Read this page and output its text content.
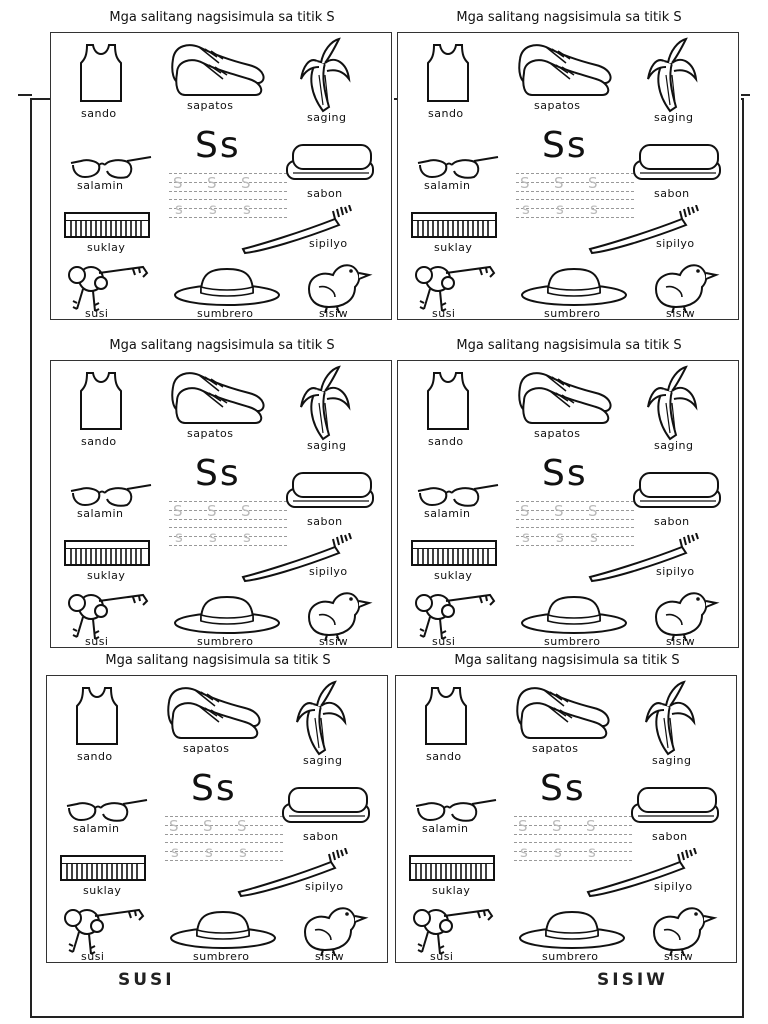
Mga salitang nagsisimula sa titik S
sando
sapatos
saging
Ss
salamin	S S S
s s s
sabon
suklay	sipilyo
susi	sumbrero	sisiw
Mga salitang nagsisimula sa titik S
sando
sapatos
saging
Ss
salamin	S S S
s s s
sabon
suklay	sipilyo
susi	sumbrero	sisiw
Mga salitang nagsisimula sa titik S
sando
sapatos
saging
Ss
salamin	S S S
s s s
sabon
suklay	sipilyo
susi	sumbrero	sisiw
Mga salitang nagsisimula sa titik S
sando
sapatos
saging
Ss
salamin	S S S
s s s
sabon
suklay	sipilyo
susi	sumbrero	sisiw
Mga salitang nagsisimula sa titik S
sando
sapatos
saging
Ss
salamin	S S S
s s s
sabon
suklay	sipilyo
susi	sumbrero	sisiw
Mga salitang nagsisimula sa titik S
sando
sapatos
saging
Ss
salamin	S S S
s s s
sabon
suklay	sipilyo
susi	sumbrero	sisiw
SUSI	SISIW
